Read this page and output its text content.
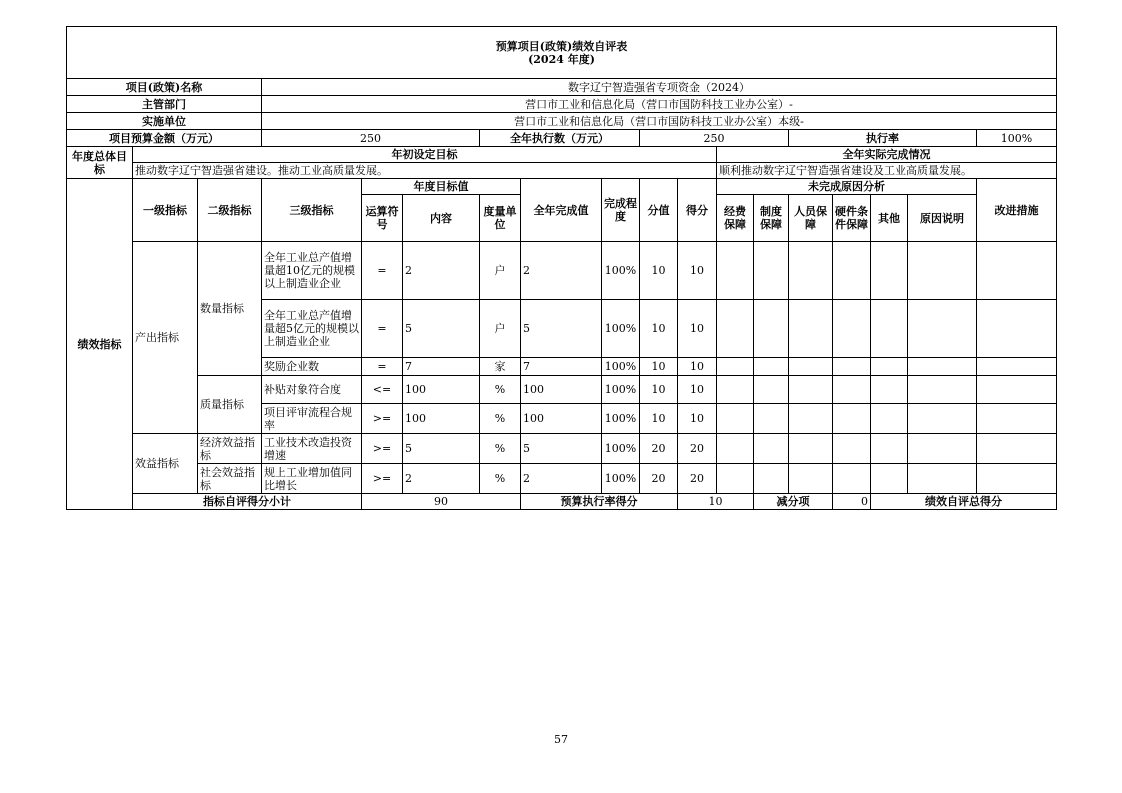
预算项目(政策)绩效自评表
(2024 年度)																		

项目(政策)名称			数字辽宁智造强省专项资金（2024）															
主管部门			营口市工业和信息化局（营口市国防科技工业办公室）-															
实施单位			营口市工业和信息化局（营口市国防科技工业办公室）本级-															
项目预算金额（万元）			250			全年执行数（万元）			250				执行率				100%	
年度总体目标	年初设定目标										全年实际完成情况							
	推动数字辽宁智造强省建设。推动工业高质量发展。										顺利推动数字辽宁智造强省建设及工业高质量发展。							
绩效指标	一级指标	二级指标	三级指标	年度目标值			全年完成值	完成程度	分值	得分	未完成原因分析						改进措施	
				运算符号	内容	度量单位					经费保障	制度保障	人员保障	硬件条件保障	其他	原因说明		
	产出指标	数量指标	全年工业总产值增量超10亿元的规模以上制造业企业	=	2	户	2	100%	10	10								

			全年工业总产值增量超5亿元的规模以上制造业企业	=	5	户	5	100%	10	10								
			奖励企业数	=	7	家	7	100%	10	10								
		质量指标	补贴对象符合度	<=	100	%	100	100%	10	10								

			项目评审流程合规率	>=	100	%	100	100%	10	10								
	效益指标	经济效益指标	工业技术改造投资增速	>=	5	%	5	100%	20	20								

		社会效益指标	规上工业增加值同比增长	>=	2	%	2	100%	20	20								
	指标自评得分小计			90			预算执行率得分			10		减分项		0	绩效自评总得分	
57
